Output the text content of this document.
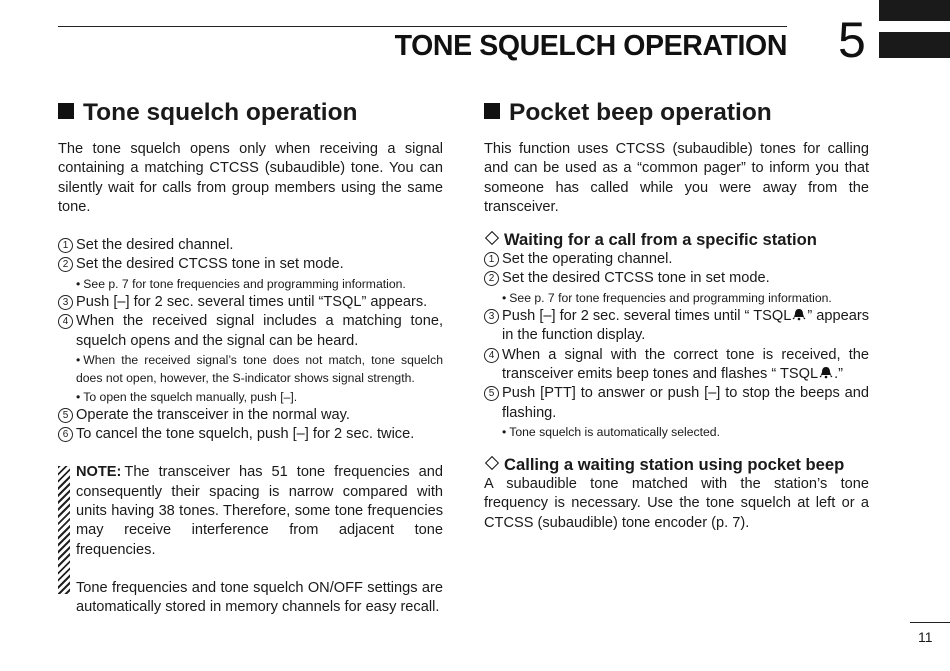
TONE SQUELCH OPERATION 5
Tone squelch operation

The tone squelch opens only when receiving a signal containing a matching CTCSS (subaudible) tone. You can silently wait for calls from group members using the same tone.

1 Set the desired channel.

2 Set the desired CTCSS tone in set mode.

• See p. 7 for tone frequencies and programming information.

3 Push [–] for 2 sec. several times until “TSQL” appears.

4 When the received signal includes a matching tone, squelch opens and the signal can be heard.

• When the received signal’s tone does not match, tone squelch does not open, however, the S-indicator shows signal strength.

• To open the squelch manually, push [–].

5 Operate the transceiver in the normal way.

6 To cancel the tone squelch, push [–] for 2 sec. twice.

NOTE: The transceiver has 51 tone frequencies and consequently their spacing is narrow compared with units having 38 tones. Therefore, some tone frequencies may receive interference from adjacent tone frequencies.

Tone frequencies and tone squelch ON/OFF settings are automatically stored in memory channels for easy recall.

Pocket beep operation

This function uses CTCSS (subaudible) tones for calling and can be used as a “common pager” to inform you that someone has called while you were away from the transceiver.

Waiting for a call from a specific station

1 Set the operating channel.

2 Set the desired CTCSS tone in set mode.

• See p. 7 for tone frequencies and programming information.

3 Push [–] for 2 sec. several times until “ TSQL ” appears in the function display.

4 When a signal with the correct tone is received, the transceiver emits beep tones and flashes “ TSQL .”

5 Push [PTT] to answer or push [–] to stop the beeps and flashing.

• Tone squelch is automatically selected.

Calling a waiting station using pocket beep

A subaudible tone matched with the station’s tone frequency is necessary. Use the tone squelch at left or a CTCSS (subaudible) tone encoder (p. 7).

11
